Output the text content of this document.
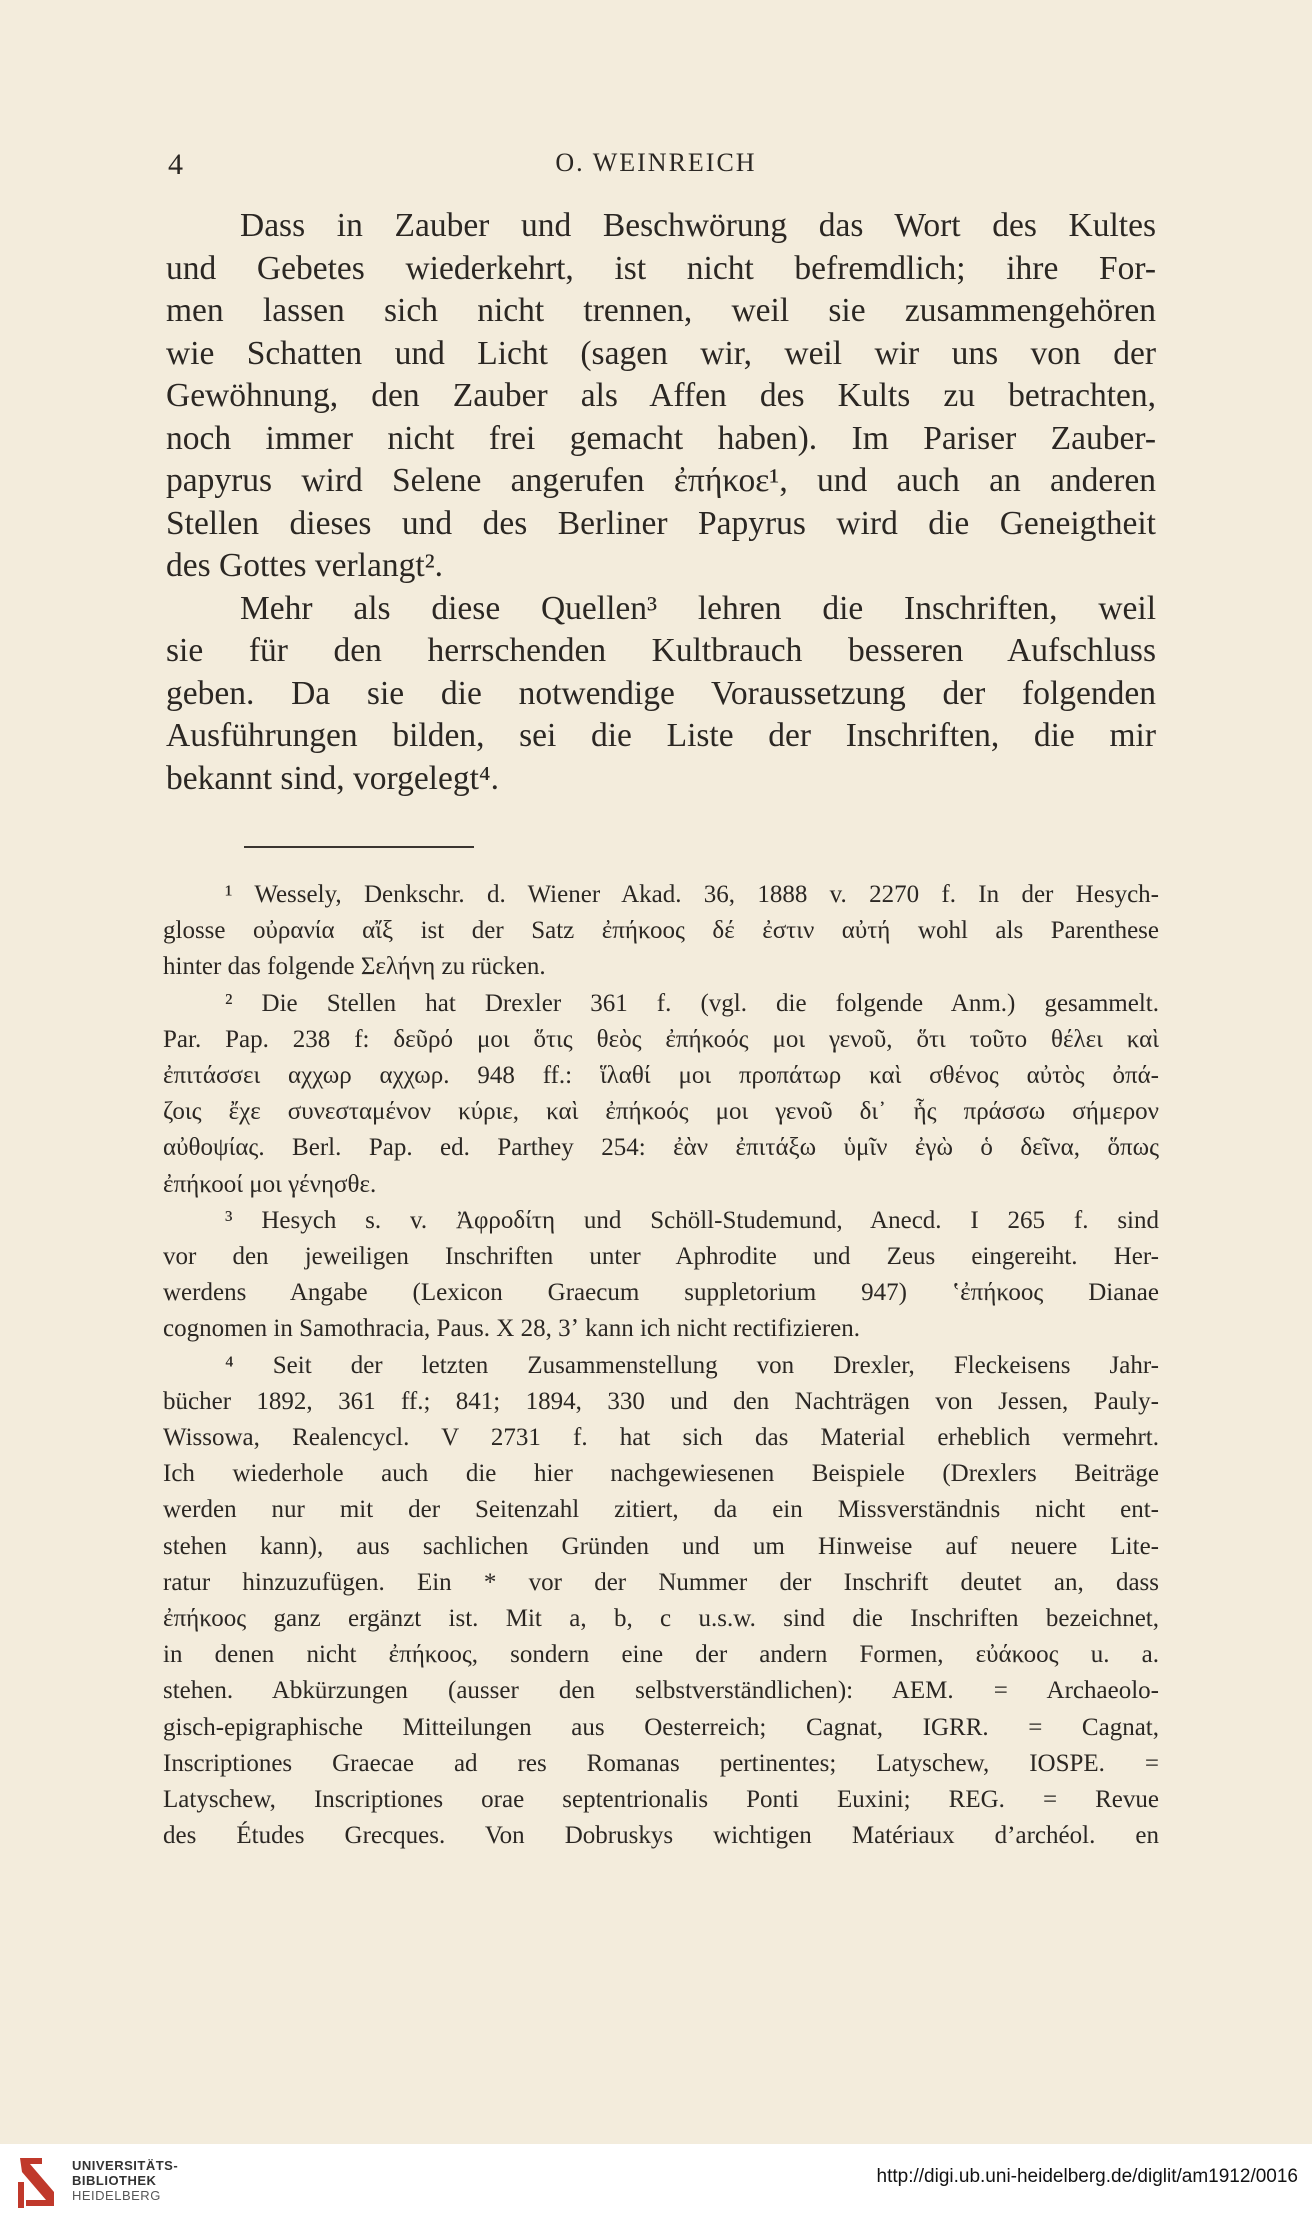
4	O. WEINREICH
Dass in Zauber und Beschwörung das Wort des Kultes
und Gebetes wiederkehrt, ist nicht befremdlich; ihre For-
men lassen sich nicht trennen, weil sie zusammengehören
wie Schatten und Licht (sagen wir, weil wir uns von der
Gewöhnung, den Zauber als Affen des Kults zu betrachten,
noch immer nicht frei gemacht haben). Im Pariser Zauber-
papyrus wird Selene angerufen ἐπήκοε¹, und auch an anderen
Stellen dieses und des Berliner Papyrus wird die Geneigtheit
des Gottes verlangt².
Mehr als diese Quellen³ lehren die Inschriften, weil
sie für den herrschenden Kultbrauch besseren Aufschluss
geben. Da sie die notwendige Voraussetzung der folgenden
Ausführungen bilden, sei die Liste der Inschriften, die mir
bekannt sind, vorgelegt⁴.
¹ Wessely, Denkschr. d. Wiener Akad. 36, 1888 v. 2270 f. In der Hesych-
glosse οὐρανία αἴξ ist der Satz ἐπήκοος δέ ἐστιν αὐτή wohl als Parenthese
hinter das folgende Σελήνη zu rücken.
² Die Stellen hat Drexler 361 f. (vgl. die folgende Anm.) gesammelt.
Par. Pap. 238 f: δεῦρό μοι ὅτις θεὸς ἐπήκοός μοι γενοῦ, ὅτι τοῦτο θέλει καὶ
ἐπιτάσσει αχχωρ αχχωρ. 948 ff.: ἵλαθί μοι προπάτωρ καὶ σθένος αὐτὸς ὀπά-
ζοις ἔχε συνεσταμένον κύριε, καὶ ἐπήκοός μοι γενοῦ δι᾿ ἧς πράσσω σήμερον
αὐθοψίας. Berl. Pap. ed. Parthey 254: ἐὰν ἐπιτάξω ὑμῖν ἐγὼ ὁ δεῖνα, ὅπως
ἐπήκοοί μοι γένησθε.
³ Hesych s. v. Ἀφροδίτη und Schöll-Studemund, Anecd. I 265 f. sind
vor den jeweiligen Inschriften unter Aphrodite und Zeus eingereiht. Her-
werdens Angabe (Lexicon Graecum suppletorium 947) ʽἐπήκοος Dianae
cognomen in Samothracia, Paus. X 28, 3ʼ kann ich nicht rectifizieren.
⁴ Seit der letzten Zusammenstellung von Drexler, Fleckeisens Jahr-
bücher 1892, 361 ff.; 841; 1894, 330 und den Nachträgen von Jessen, Pauly-
Wissowa, Realencycl. V 2731 f. hat sich das Material erheblich vermehrt.
Ich wiederhole auch die hier nachgewiesenen Beispiele (Drexlers Beiträge
werden nur mit der Seitenzahl zitiert, da ein Missverständnis nicht ent-
stehen kann), aus sachlichen Gründen und um Hinweise auf neuere Lite-
ratur hinzuzufügen. Ein * vor der Nummer der Inschrift deutet an, dass
ἐπήκοος ganz ergänzt ist. Mit a, b, c u.s.w. sind die Inschriften bezeichnet,
in denen nicht ἐπήκοος, sondern eine der andern Formen, εὐάκοος u. a.
stehen. Abkürzungen (ausser den selbstverständlichen): AEM. = Archaeolo-
gisch-epigraphische Mitteilungen aus Oesterreich; Cagnat, IGRR. = Cagnat,
Inscriptiones Graecae ad res Romanas pertinentes; Latyschew, IOSPE. =
Latyschew, Inscriptiones orae septentrionalis Ponti Euxini; REG. = Revue
des Études Grecques. Von Dobruskys wichtigen Matériaux d’archéol. en
UNIVERSITÄTS-
BIBLIOTHEK
HEIDELBERG
http://digi.ub.uni-heidelberg.de/diglit/am1912/0016
